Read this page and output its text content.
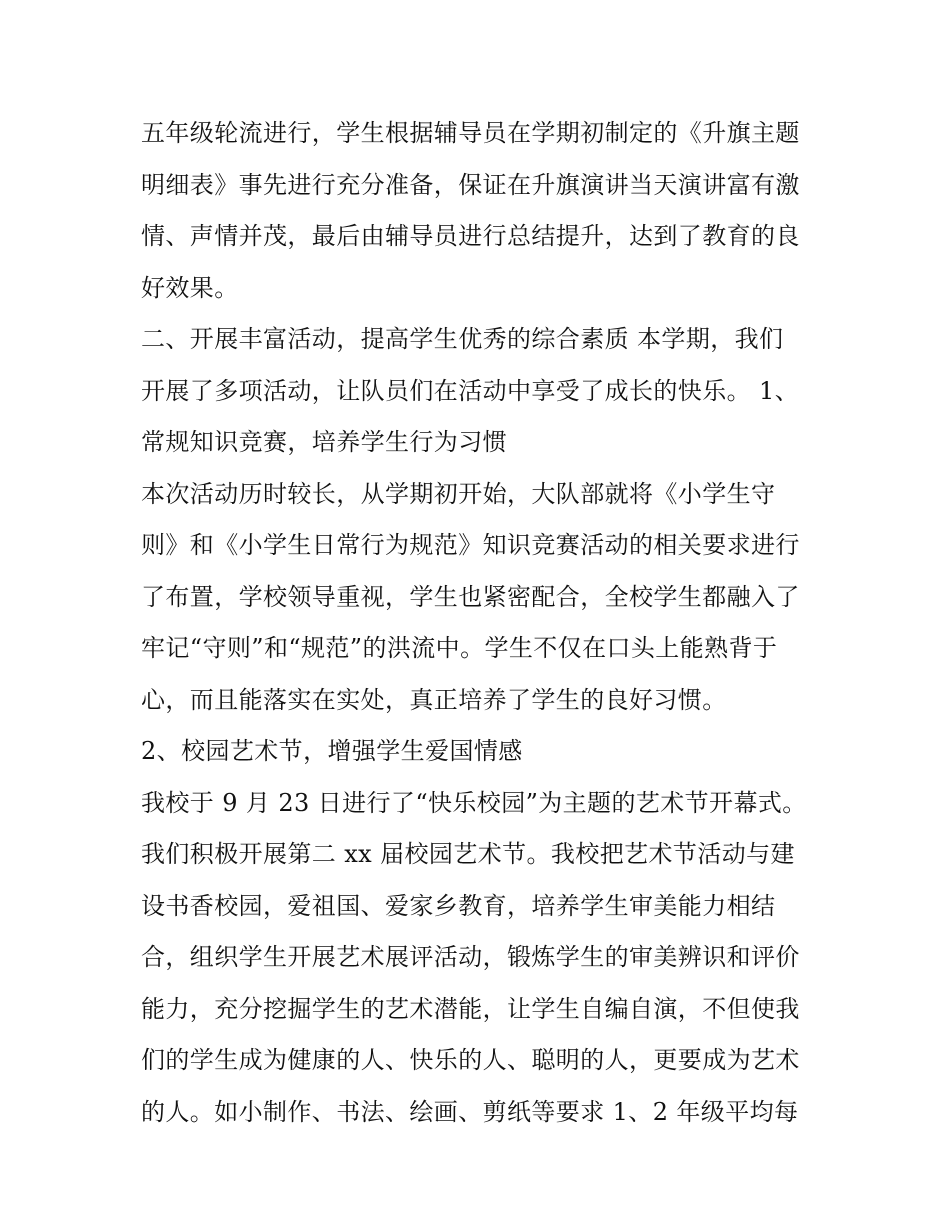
五年级轮流进行，学生根据辅导员在学期初制定的《升旗主题
明细表》事先进行充分准备，保证在升旗演讲当天演讲富有激
情、声情并茂，最后由辅导员进行总结提升，达到了教育的良
好效果。
二、开展丰富活动，提高学生优秀的综合素质 本学期，我们
开展了多项活动，让队员们在活动中享受了成长的快乐。 1、
常规知识竞赛，培养学生行为习惯
本次活动历时较长，从学期初开始，大队部就将《小学生守
则》和《小学生日常行为规范》知识竞赛活动的相关要求进行
了布置，学校领导重视，学生也紧密配合，全校学生都融入了
牢记“守则”和“规范”的洪流中。学生不仅在口头上能熟背于
心，而且能落实在实处，真正培养了学生的良好习惯。
2、校园艺术节，增强学生爱国情感
我校于 9 月 23 日进行了“快乐校园”为主题的艺术节开幕式。
我们积极开展第二 xx 届校园艺术节。我校把艺术节活动与建
设书香校园，爱祖国、爱家乡教育，培养学生审美能力相结
合，组织学生开展艺术展评活动，锻炼学生的审美辨识和评价
能力，充分挖掘学生的艺术潜能，让学生自编自演，不但使我
们的学生成为健康的人、快乐的人、聪明的人，更要成为艺术
的人。如小制作、书法、绘画、剪纸等要求 1、2 年级平均每
